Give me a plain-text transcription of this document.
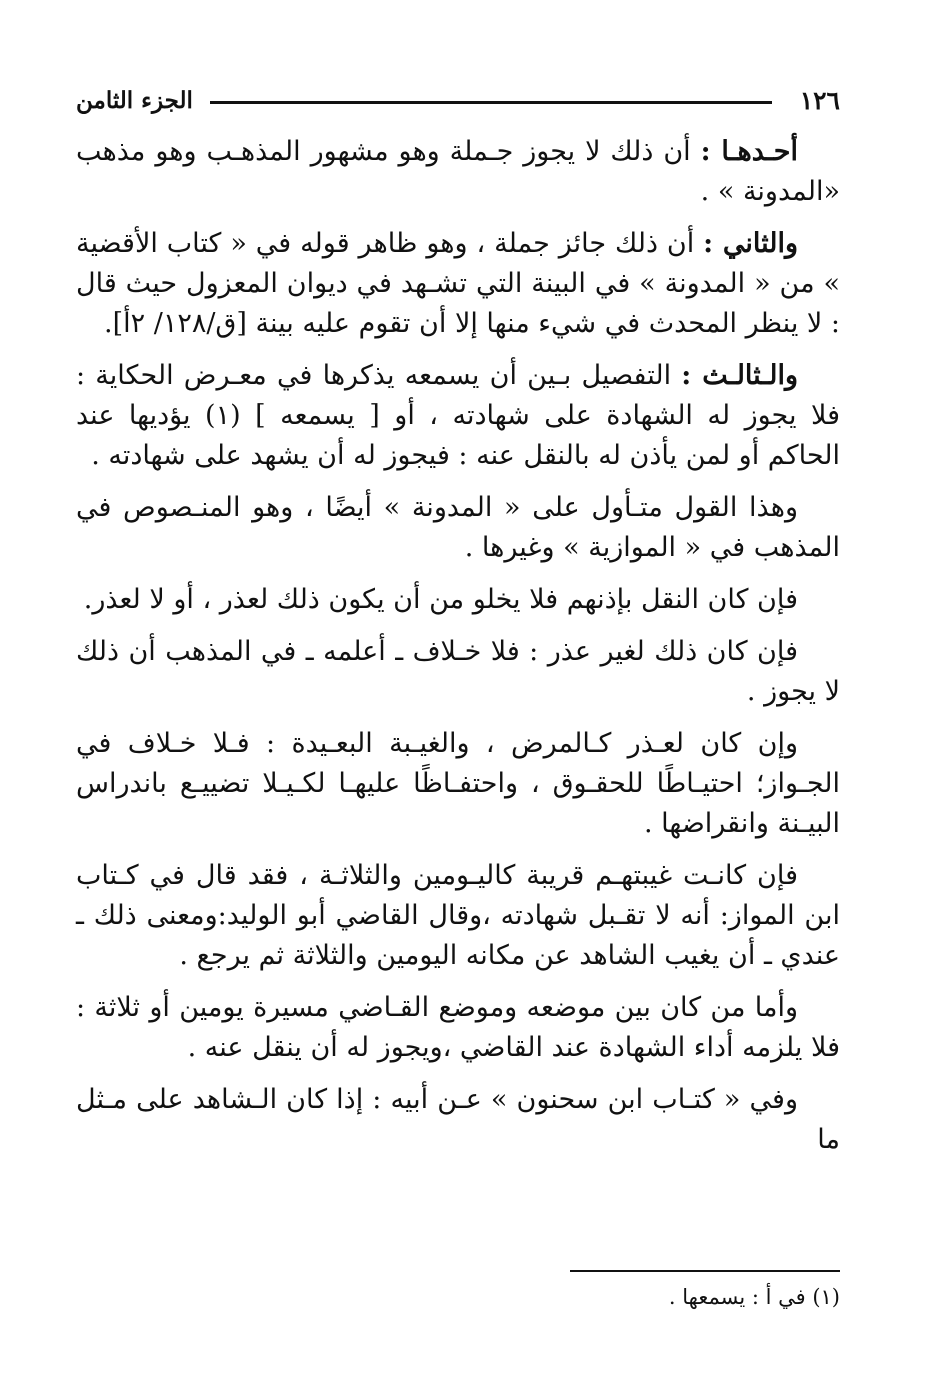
١٢٦
الجزء الثامن

أحـدهـا : أن ذلك لا يجوز جـملة وهو مشهور المذهـب وهو مذهب «المدونة » .

والثاني : أن ذلك جائز جملة ، وهو ظاهر قوله في « كتاب الأقضية » من « المدونة » في البينة التي تشـهد في ديوان المعزول حيث قال : لا ينظر المحدث في شيء منها إلا أن تقوم عليه بينة [ق/١٢٨/ ٢أ].

والـثالـث : التفصيل بـين أن يسمعه يذكرها في معـرض الحكاية : فلا يجوز له الشهادة على شهادته ، أو [ يسمعه ] (١) يؤديها عند الحاكم أو لمن يأذن له بالنقل عنه : فيجوز له أن يشهد على شهادته .

وهذا القول متـأول على « المدونة » أيضًا ، وهو المنـصوص في المذهب في « الموازية » وغيرها .

فإن كان النقل بإذنهم فلا يخلو من أن يكون ذلك لعذر ، أو لا لعذر.

فإن كان ذلك لغير عذر : فلا خـلاف ـ أعلمه ـ في المذهب أن ذلك لا يجوز .

وإن كان لعـذر كـالمرض ، والغيـبة البعـيدة : فـلا خـلاف في الجـواز؛ احتيـاطًا للحقـوق ، واحتفـاظًا عليهـا لكـيـلا تضييـع باندراس البيـنة وانقراضها .

فإن كانـت غيبتهـم قريبة كاليـومين والثلاثـة ، فقد قال في كـتاب ابن المواز: أنه لا تقـبل شهادته ،وقال القاضي أبو الوليد:ومعنى ذلك ـ عندي ـ أن يغيب الشاهد عن مكانه اليومين والثلاثة ثم يرجع .

وأما من كان بين موضعه وموضع القـاضي مسيرة يومين أو ثلاثة : فلا يلزمه أداء الشهادة عند القاضي ،ويجوز له أن ينقل عنه .

وفي « كتـاب ابن سحنون » عـن أبيه : إذا كان الـشاهد على مـثل ما

(١) في أ : يسمعها .
